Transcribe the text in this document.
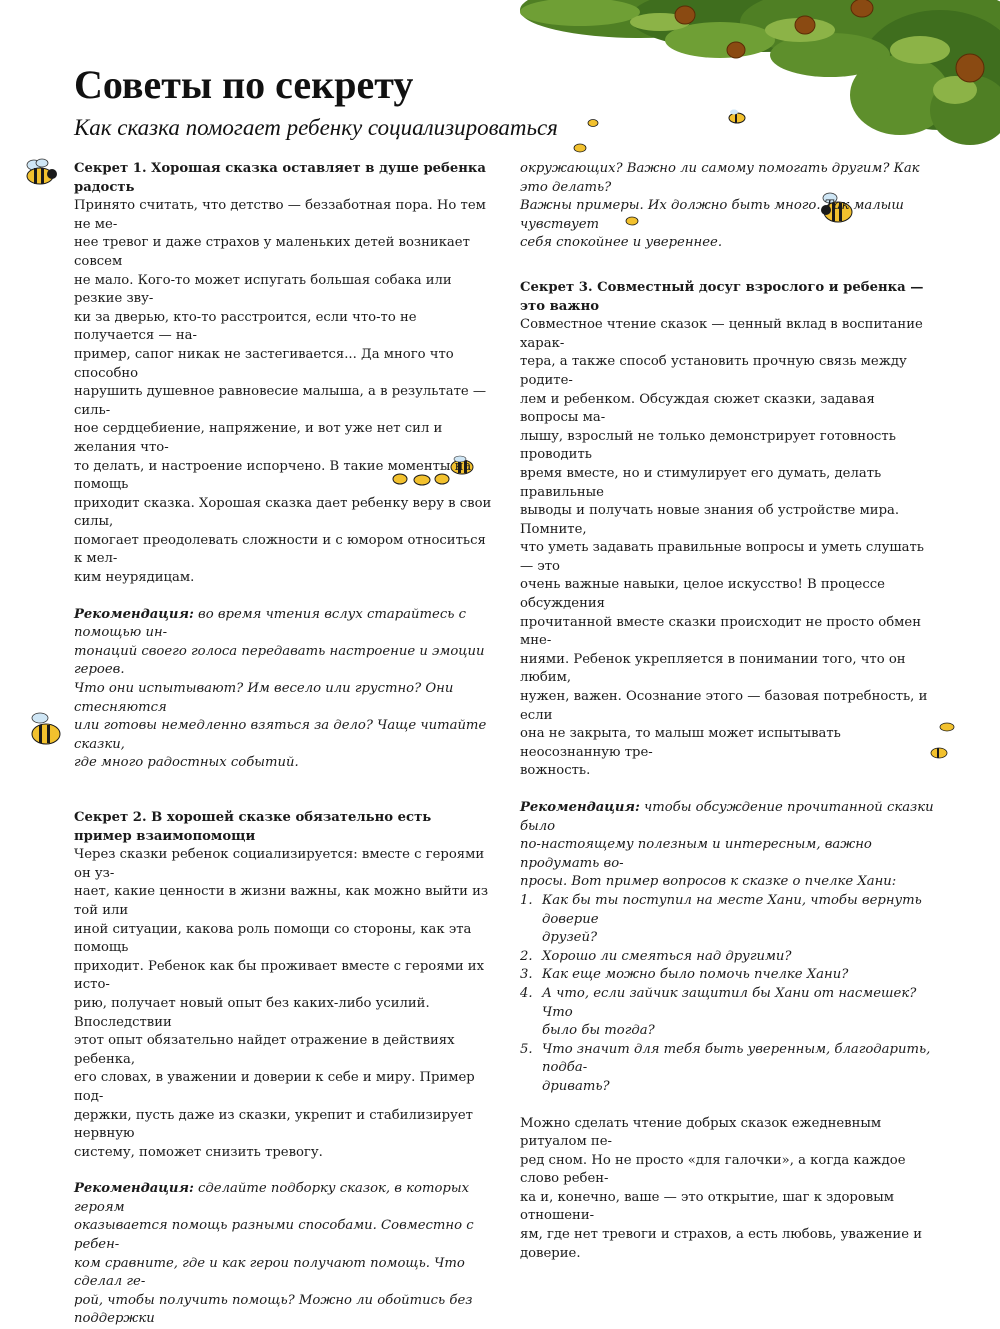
Советы по секрету

Как сказка помогает ребенку социализироваться

Секрет 1. Хорошая сказка оставляет в душе ребенка радость

Принято считать, что детство — беззаботная пора. Но тем не ме-

нее тревог и даже страхов у маленьких детей возникает совсем

не мало. Кого-то может испугать большая собака или резкие зву-

ки за дверью, кто-то расстроится, если что-то не получается — на-

пример, сапог никак не застегивается... Да много что способно

нарушить душевное равновесие малыша, а в результате — силь-

ное сердцебиение, напряжение, и вот уже нет сил и желания что-

то делать, и настроение испорчено. В такие моменты на помощь

приходит сказка. Хорошая сказка дает ребенку веру в свои силы,

помогает преодолевать сложности и с юмором относиться к мел-

ким неурядицам.

Рекомендация: во время чтения вслух старайтесь с помощью ин-

тонаций своего голоса передавать настроение и эмоции героев.

Что они испытывают? Им весело или грустно? Они стесняются

или готовы немедленно взяться за дело? Чаще читайте сказки,

где много радостных событий.

Секрет 2. В хорошей сказке обязательно есть

пример взаимопомощи

Через сказки ребенок социализируется: вместе с героями он уз-

нает, какие ценности в жизни важны, как можно выйти из той или

иной ситуации, какова роль помощи со стороны, как эта помощь

приходит. Ребенок как бы проживает вместе с героями их исто-

рию, получает новый опыт без каких-либо усилий. Впоследствии

этот опыт обязательно найдет отражение в действиях ребенка,

его словах, в уважении и доверии к себе и миру. Пример под-

держки, пусть даже из сказки, укрепит и стабилизирует нервную

систему, поможет снизить тревогу.

Рекомендация: сделайте подборку сказок, в которых героям

оказывается помощь разными способами. Совместно с ребен-

ком сравните, где и как герои получают помощь. Что сделал ге-

рой, чтобы получить помощь? Можно ли обойтись без поддержки

окружающих? Важно ли самому помогать другим? Как это делать?

Важны примеры. Их должно быть много. Так малыш чувствует

себя спокойнее и увереннее.

Секрет 3. Совместный досуг взрослого и ребенка — это важно

Совместное чтение сказок — ценный вклад в воспитание харак-

тера, а также способ установить прочную связь между родите-

лем и ребенком. Обсуждая сюжет сказки, задавая вопросы ма-

лышу, взрослый не только демонстрирует готовность проводить

время вместе, но и стимулирует его думать, делать правильные

выводы и получать новые знания об устройстве мира. Помните,

что уметь задавать правильные вопросы и уметь слушать — это

очень важные навыки, целое искусство! В процессе обсуждения

прочитанной вместе сказки происходит не просто обмен мне-

ниями. Ребенок укрепляется в понимании того, что он любим,

нужен, важен. Осознание этого — базовая потребность, и если

она не закрыта, то малыш может испытывать неосознанную тре-

вожность.

Рекомендация: чтобы обсуждение прочитанной сказки было

по-настоящему полезным и интересным, важно продумать во-

просы. Вот пример вопросов к сказке о пчелке Хани:

1. Как бы ты поступил на месте Хани, чтобы вернуть доверие
друзей?
2. Хорошо ли смеяться над другими?
3. Как еще можно было помочь пчелке Хани?
4. А что, если зайчик защитил бы Хани от насмешек? Что
было бы тогда?
5. Что значит для тебя быть уверенным, благодарить, подба-
дривать?

Можно сделать чтение добрых сказок ежедневным ритуалом пе-

ред сном. Но не просто «для галочки», а когда каждое слово ребен-

ка и, конечно, ваше — это открытие, шаг к здоровым отношени-

ям, где нет тревоги и страхов, а есть любовь, уважение и доверие.
